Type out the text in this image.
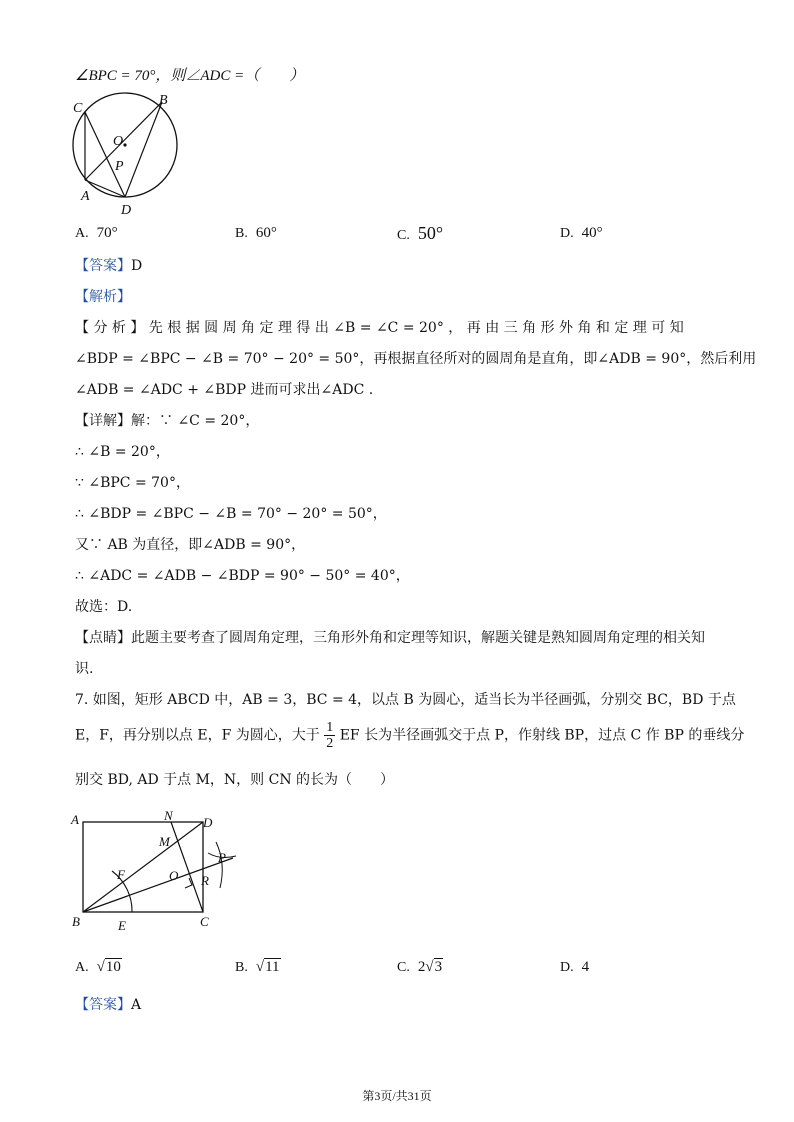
∠BPC = 70°，则∠ADC =（　　）
C
B
O
P
A
D
A. 70°	B. 60°	C. 50°	D. 40°
【答案】D
【解析】
【 分 析 】 先 根 据 圆 周 角 定 理 得 出 ∠B = ∠C = 20° ， 再 由 三 角 形 外 角 和 定 理 可 知
∠BDP = ∠BPC − ∠B = 70° − 20° = 50°，再根据直径所对的圆周角是直角，即∠ADB = 90°，然后利用
∠ADB = ∠ADC + ∠BDP 进而可求出∠ADC .
【详解】解：∵ ∠C = 20°，
∴ ∠B = 20°，
∵ ∠BPC = 70°，
∴ ∠BDP = ∠BPC − ∠B = 70° − 20° = 50°，
又∵ AB 为直径，即∠ADB = 90°，
∴ ∠ADC = ∠ADB − ∠BDP = 90° − 50° = 40°，
故选：D.
【点睛】此题主要考查了圆周角定理，三角形外角和定理等知识，解题关键是熟知圆周角定理的相关知
识.
7. 如图，矩形 ABCD 中，AB = 3，BC = 4，以点 B 为圆心，适当长为半径画弧，分别交 BC，BD 于点
E，F，再分别以点 E，F 为圆心，大于 $\frac{1}{2}$ EF 长为半径画弧交于点 P，作射线 BP，过点 C 作 BP 的垂线分
别交 BD, AD 于点 M，N，则 CN 的长为（　　）
A	N D
M
P
F	O R
B	E	C
A. √10	B. √11	C. 2√3	D. 4
【答案】A
第3页/共31页
